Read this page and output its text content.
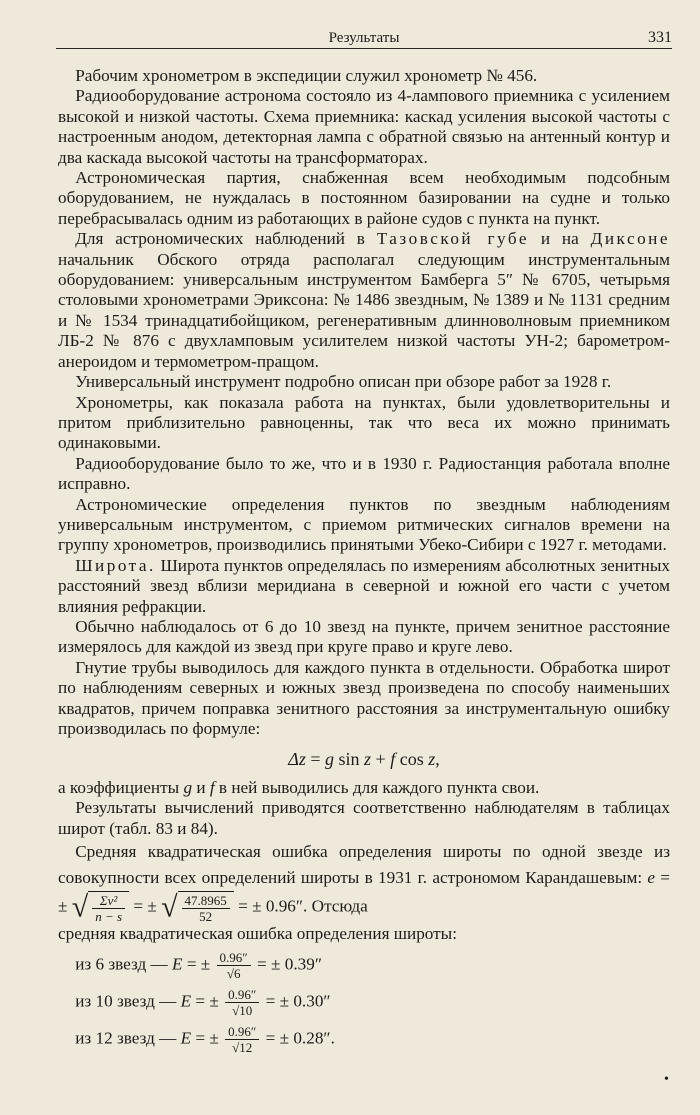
Результаты	331

 Рабочим хронометром в экспедиции служил хронометр № 456.

 Радиооборудование астронома состояло из 4-лампового приемника с усилением высокой и низкой частоты. Схема приемника: каскад усиления высокой частоты с настроенным анодом, детекторная лампа с обратной связью на антенный контур и два каскада высокой частоты на трансформаторах.

 Астрономическая партия, снабженная всем необходимым подсобным оборудованием, не нуждалась в постоянном базировании на судне и только перебрасывалась одним из работающих в районе судов с пункта на пункт.

 Для астрономических наблюдений в Тазовской губе и на Диксоне начальник Обского отряда располагал следующим инструментальным оборудованием: универсальным инструментом Бамберга 5″ № 6705, четырьмя столовыми хронометрами Эриксона: № 1486 звездным, № 1389 и № 1131 средним и № 1534 тринадцатибойщиком, регенеративным длинноволновым приемником ЛБ-2 № 876 с двухламповым усилителем низкой частоты УН-2; барометром-анероидом и термометром-пращом.

 Универсальный инструмент подробно описан при обзоре работ за 1928 г.

 Хронометры, как показала работа на пунктах, были удовлетворительны и притом приблизительно равноценны, так что веса их можно принимать одинаковыми.

 Радиооборудование было то же, что и в 1930 г. Радиостанция работала вполне исправно.

 Астрономические определения пунктов по звездным наблюдениям универсальным инструментом, с приемом ритмических сигналов времени на группу хронометров, производились принятыми Убеко-Сибири с 1927 г. методами.

 Широта. Широта пунктов определялась по измерениям абсолютных зенитных расстояний звезд вблизи меридиана в северной и южной его части с учетом влияния рефракции.

 Обычно наблюдалось от 6 до 10 звезд на пункте, причем зенитное расстояние измерялось для каждой из звезд при круге право и круге лево.

 Гнутие трубы выводилось для каждого пункта в отдельности. Обработка широт по наблюдениям северных и южных звезд произведена по способу наименьших квадратов, причем поправка зенитного расстояния за инструментальную ошибку производилась по формуле:

Δz = g sin z + f cos z,

а коэффициенты g и f в ней выводились для каждого пункта свои.

 Результаты вычислений приводятся соответственно наблюдателям в таблицах широт (табл. 83 и 84).

 Средняя квадратическая ошибка определения широты по одной звезде из совокупности всех определений широты в 1931 г. астрономом Карандашевым: e = ± √ $\frac{\text{Σv²}}{n - s}$ = ± √ $\frac{47.8965}{52}$ = ± 0.96″. Отсюда

средняя квадратическая ошибка определения широты:

 из 6 звезд — E = ± $\frac{0.96''}{√6}$ = ± 0.39″
 из 10 звезд — E = ± $\frac{0.96''}{√10}$ = ± 0.30″
 из 12 звезд — E = ± $\frac{0.96''}{√12}$ = ± 0.28″.
•
